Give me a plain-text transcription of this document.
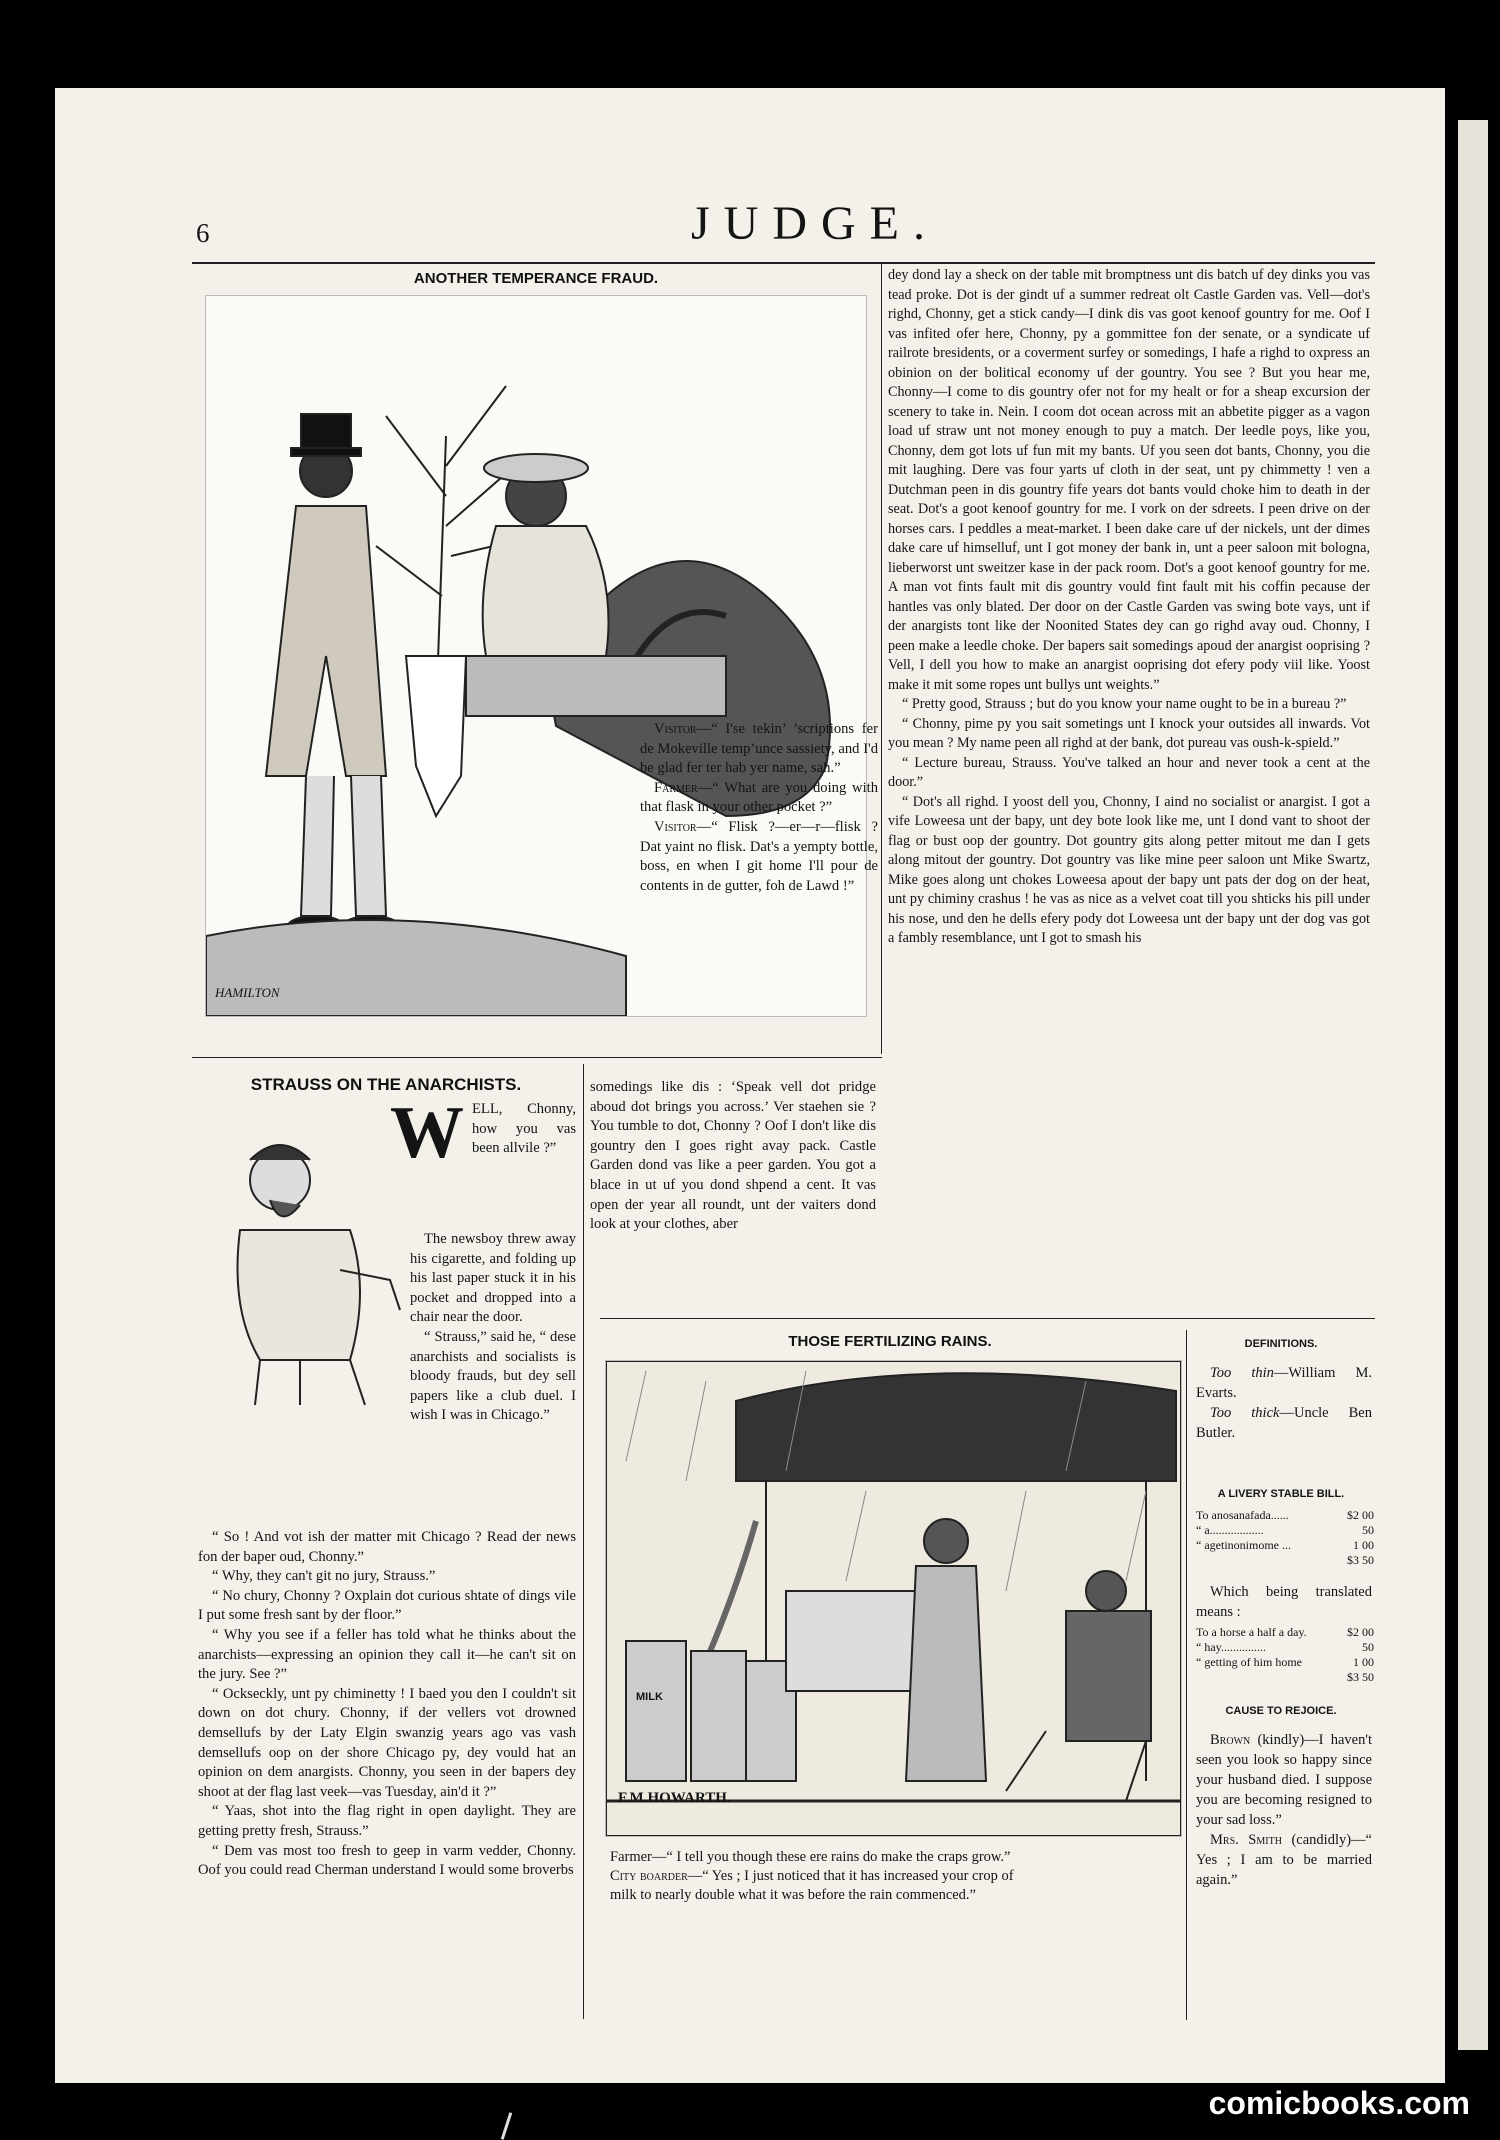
6	JUDGE.
ANOTHER TEMPERANCE FRAUD.
HAMILTON

Visitor—“ I'se tekin’ ’scriptions fer de Mokeville temp’unce sassiety, and I'd be glad fer ter hab yer name, sah.”

Farmer—“ What are you doing with that flask in your other pocket ?”

Visitor—“ Flisk ?—er—r—flisk ? Dat yaint no flisk. Dat's a yempty bottle, boss, en when I git home I'll pour de contents in de gutter, foh de Lawd !”

dey dond lay a sheck on der table mit bromptness unt dis batch uf dey dinks you vas tead proke. Dot is der gindt uf a summer redreat olt Castle Garden vas. Vell—dot's righd, Chonny, get a stick candy—I dink dis vas goot kenoof gountry for me. Oof I vas infited ofer here, Chonny, py a gommittee fon der senate, or a syndicate uf railrote bresidents, or a coverment surfey or somedings, I hafe a righd to oxpress an obinion on der bolitical economy uf der gountry. You see ? But you hear me, Chonny—I come to dis gountry ofer not for my healt or for a sheap excursion der scenery to take in. Nein. I coom dot ocean across mit an abbetite pigger as a vagon load uf straw unt not money enough to puy a match. Der leedle poys, like you, Chonny, dem got lots uf fun mit my bants. Uf you seen dot bants, Chonny, you die mit laughing. Dere vas four yarts uf cloth in der seat, unt py chimmetty ! ven a Dutchman peen in dis gountry fife years dot bants vould choke him to death in der seat. Dot's a goot kenoof gountry for me. I vork on der sdreets. I peen drive on der horses cars. I peddles a meat-market. I been dake care uf der nickels, unt der dimes dake care uf himselluf, unt I got money der bank in, unt a peer saloon mit bologna, lieberworst unt sweitzer kase in der pack room. Dot's a goot kenoof gountry for me. A man vot fints fault mit dis gountry vould fint fault mit his coffin pecause der hantles vas only blated. Der door on der Castle Garden vas swing bote vays, unt if der anargists tont like der Noonited States dey can go righd avay oud. Chonny, I peen make a leedle choke. Der bapers sait somedings apoud der anargist ooprising ? Vell, I dell you how to make an anargist ooprising dot efery pody viil like. Yoost make it mit some ropes unt bullys unt weights.”

“ Pretty good, Strauss ; but do you know your name ought to be in a bureau ?”

“ Chonny, pime py you sait sometings unt I knock your outsides all inwards. Vot you mean ? My name peen all righd at der bank, dot pureau vas oush-k-spield.”

“ Lecture bureau, Strauss. You've talked an hour and never took a cent at the door.”

“ Dot's all righd. I yoost dell you, Chonny, I aind no socialist or anargist. I got a vife Loweesa unt der bapy, unt dey bote look like me, unt I dond vant to shoot der flag or bust oop der gountry. Dot gountry gits along petter mitout me dan I gets along mitout der gountry. Dot gountry vas like mine peer saloon unt Mike Swartz, Mike goes along unt chokes Loweesa apout der bapy unt pats der dog on der heat, unt py chiminy crashus ! he vas as nice as a velvet coat till you shticks his pill under his nose, und den he dells efery pody dot Loweesa unt der bapy unt der dog vas got a fambly resemblance, unt I got to smash his

STRAUSS ON THE ANARCHISTS.
W ELL, Chonny, how you vas been allvile ?”

The newsboy threw away his cigarette, and folding up his last paper stuck it in his pocket and dropped into a chair near the door.

“ Strauss,” said he, “ dese anarchists and socialists is bloody frauds, but dey sell papers like a club duel. I wish I was in Chicago.”

“ So ! And vot ish der matter mit Chicago ? Read der news fon der baper oud, Chonny.”

“ Why, they can't git no jury, Strauss.”

“ No chury, Chonny ? Oxplain dot curious shtate of dings vile I put some fresh sant by der floor.”

“ Why you see if a feller has told what he thinks about the anarchists—expressing an opinion they call it—he can't sit on the jury. See ?”

“ Ockseckly, unt py chiminetty ! I baed you den I couldn't sit down on dot chury. Chonny, if der vellers vot drowned demsellufs by der Laty Elgin swanzig years ago vas vash demsellufs oop on der shore Chicago py, dey vould hat an opinion on dem anargists. Chonny, you seen in der bapers dey shoot at der flag last veek—vas Tuesday, ain'd it ?”

“ Yaas, shot into the flag right in open daylight. They are getting pretty fresh, Strauss.”

“ Dem vas most too fresh to geep in varm vedder, Chonny. Oof you could read Cherman understand I would some broverbs

somedings like dis : ‘Speak vell dot pridge aboud dot brings you across.’ Ver staehen sie ? You tumble to dot, Chonny ? Oof I don't like dis gountry den I goes right avay pack. Castle Garden dond vas like a peer garden. You got a blace in ut uf you dond shpend a cent. It vas open der year all roundt, unt der vaiters dond look at your clothes, aber

THOSE FERTILIZING RAINS.
MILK
F.M.HOWARTH.
Farmer—“ I tell you though these ere rains do make the craps grow.”
City boarder—“ Yes ; I just noticed that it has increased your crop of
milk to nearly double what it was before the rain commenced.”
DEFINITIONS.

Too thin—William M. Evarts.

Too thick—Uncle Ben Butler.

A LIVERY STABLE BILL.
To anosanafada......	$2 00
“ a..................	50
“ agetinonimome ...	1 00
$3 50
Which being translated means :
To a horse a half a day.	$2 00
“ hay...............	50
“ getting of him home	1 00
$3 50
CAUSE TO REJOICE.

Brown (kindly)—I haven't seen you look so happy since your husband died. I suppose you are becoming resigned to your sad loss.”

Mrs. Smith (candidly)—“ Yes ; I am to be married again.”

comicbooks.com
